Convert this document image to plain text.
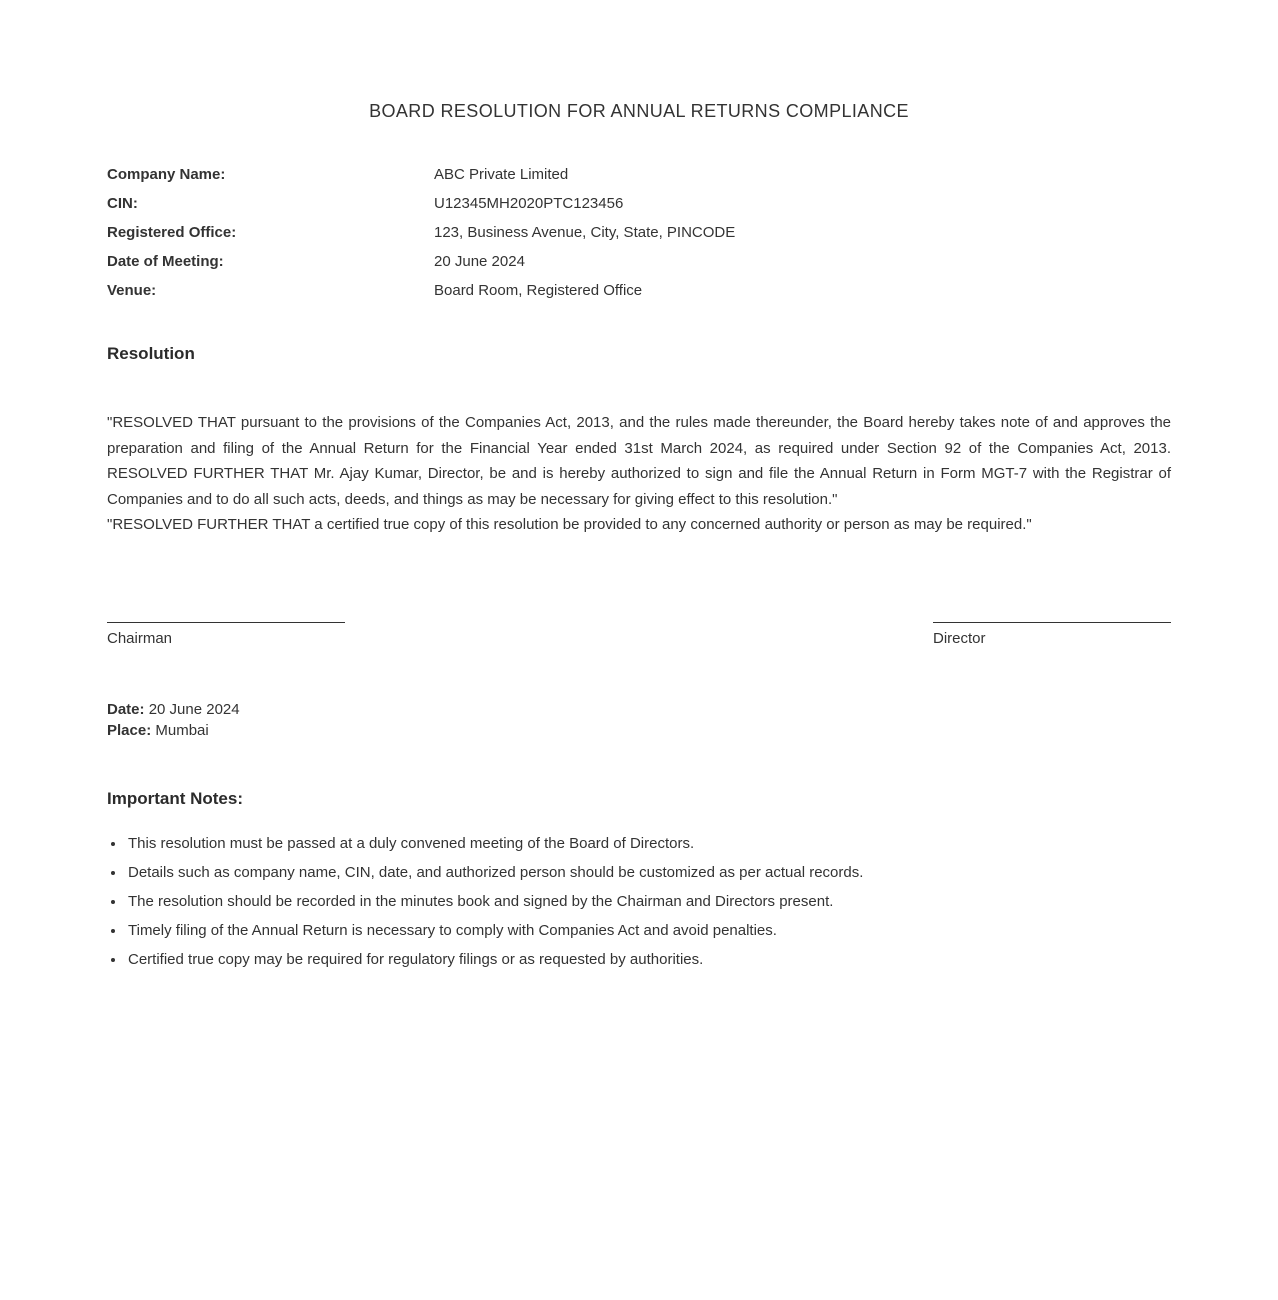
BOARD RESOLUTION FOR ANNUAL RETURNS COMPLIANCE
Company Name:	ABC Private Limited
CIN:	U12345MH2020PTC123456
Registered Office:	123, Business Avenue, City, State, PINCODE
Date of Meeting:	20 June 2024
Venue:	Board Room, Registered Office
Resolution

"RESOLVED THAT pursuant to the provisions of the Companies Act, 2013, and the rules made thereunder, the Board hereby takes note of and approves the preparation and filing of the Annual Return for the Financial Year ended 31st March 2024, as required under Section 92 of the Companies Act, 2013. RESOLVED FURTHER THAT Mr. Ajay Kumar, Director, be and is hereby authorized to sign and file the Annual Return in Form MGT-7 with the Registrar of Companies and to do all such acts, deeds, and things as may be necessary for giving effect to this resolution."

"RESOLVED FURTHER THAT a certified true copy of this resolution be provided to any concerned authority or person as may be required."

Chairman	Director
Date: 20 June 2024
Place: Mumbai
Important Notes:
• This resolution must be passed at a duly convened meeting of the Board of Directors.
• Details such as company name, CIN, date, and authorized person should be customized as per actual records.
• The resolution should be recorded in the minutes book and signed by the Chairman and Directors present.
• Timely filing of the Annual Return is necessary to comply with Companies Act and avoid penalties.
• Certified true copy may be required for regulatory filings or as requested by authorities.
